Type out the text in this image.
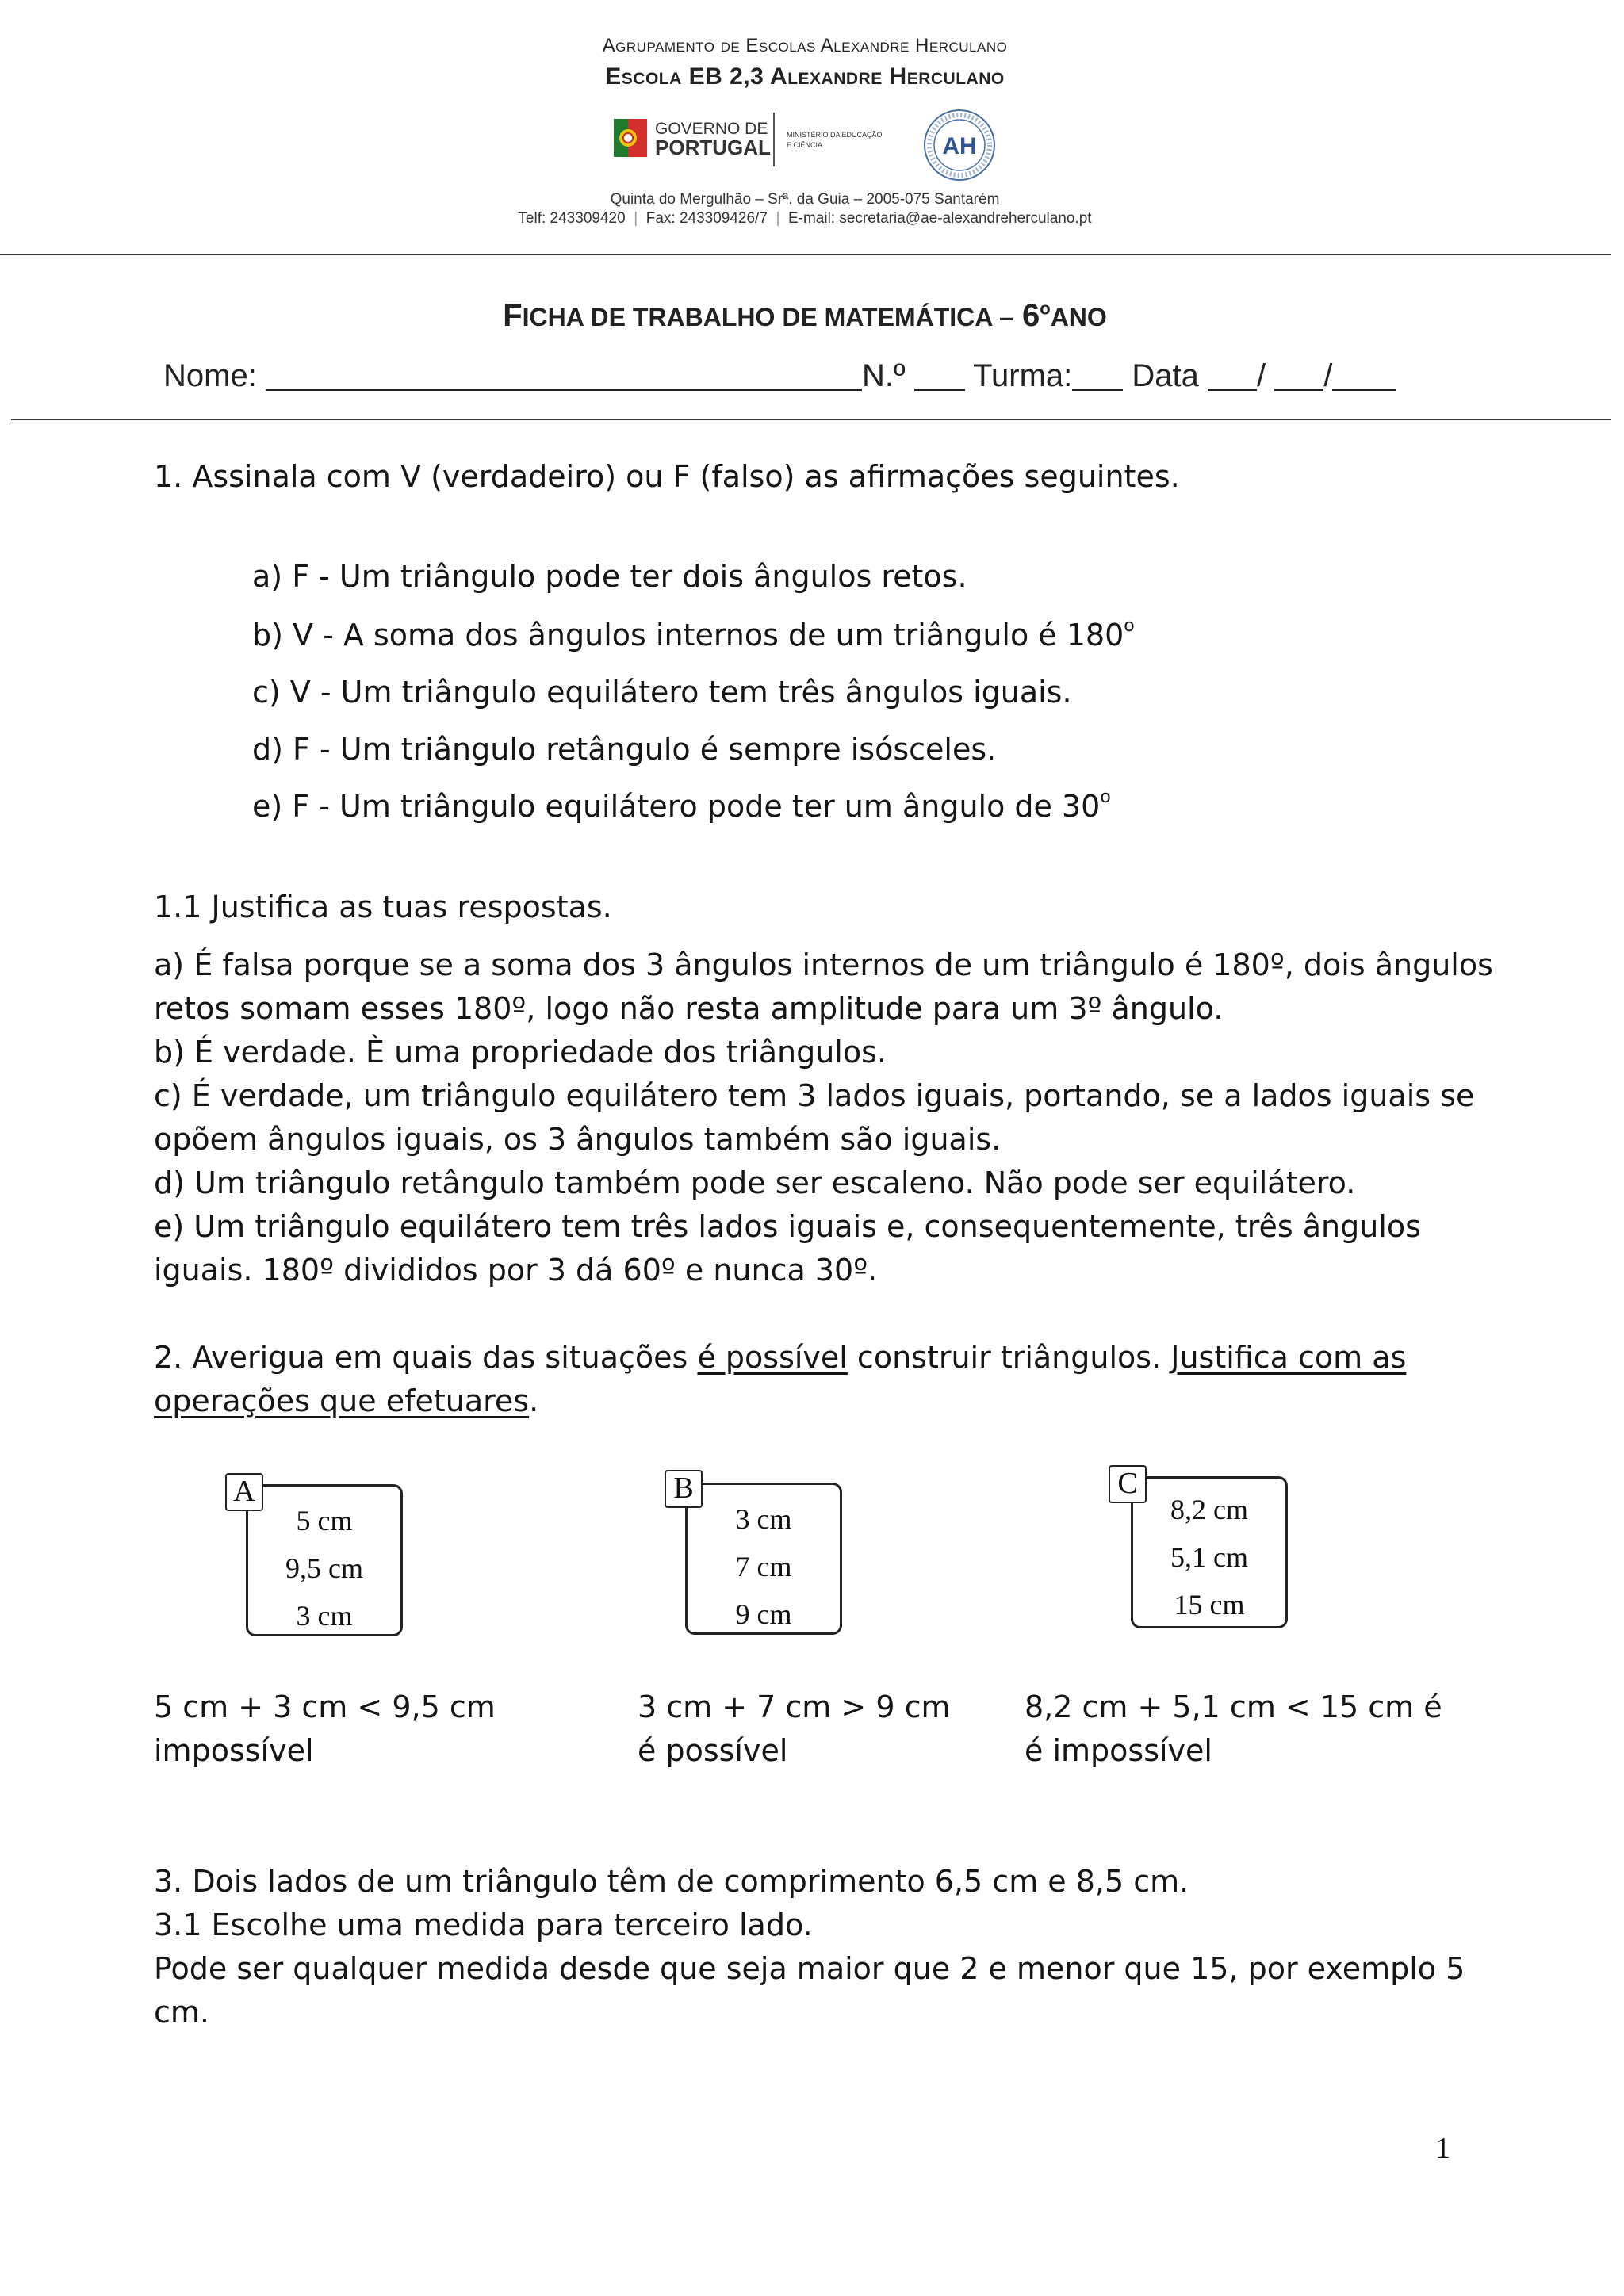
Agrupamento de Escolas Alexandre Herculano
Escola EB 2,3 Alexandre Herculano
GOVERNO DE
PORTUGAL
MINISTÉRIO DA EDUCAÇÃO
E CIÊNCIA	AH
Quinta do Mergulhão – Srª. da Guia – 2005-075 Santarém
Telf: 243309420 | Fax: 243309426/7 | E-mail: secretaria@ae-alexandreherculano.pt
FICHA DE TRABALHO DE MATEMÁTICA – 6$^o$ANO
Nome:	N.º Turma: Data / /
1. Assinala com V (verdadeiro) ou F (falso) as afirmações seguintes.
a) F - Um triângulo pode ter dois ângulos retos.
b) V - A soma dos ângulos internos de um triângulo é 180$^o$
c) V - Um triângulo equilátero tem três ângulos iguais.
d) F - Um triângulo retângulo é sempre isósceles.
e) F - Um triângulo equilátero pode ter um ângulo de 30$^o$
1.1 Justifica as tuas respostas.
a) É falsa porque se a soma dos 3 ângulos internos de um triângulo é 180º, dois ângulos
retos somam esses 180º, logo não resta amplitude para um 3º ângulo.
b) É verdade. È uma propriedade dos triângulos.
c) É verdade, um triângulo equilátero tem 3 lados iguais, portando, se a lados iguais se
opõem ângulos iguais, os 3 ângulos também são iguais.
d) Um triângulo retângulo também pode ser escaleno. Não pode ser equilátero.
e) Um triângulo equilátero tem três lados iguais e, consequentemente, três ângulos
iguais. 180º divididos por 3 dá 60º e nunca 30º.
2. Averigua em quais das situações é possível construir triângulos. Justifica com as
operações que efetuares.
5 cm
9,5 cm
3 cm
A
3 cm
7 cm
9 cm
B
8,2 cm
5,1 cm
15 cm
C
5 cm + 3 cm < 9,5 cm
impossível
3 cm + 7 cm > 9 cm
é possível
8,2 cm + 5,1 cm < 15 cm é
é impossível
3. Dois lados de um triângulo têm de comprimento 6,5 cm e 8,5 cm.
3.1 Escolhe uma medida para terceiro lado.
Pode ser qualquer medida desde que seja maior que 2 e menor que 15, por exemplo 5
cm.
1
